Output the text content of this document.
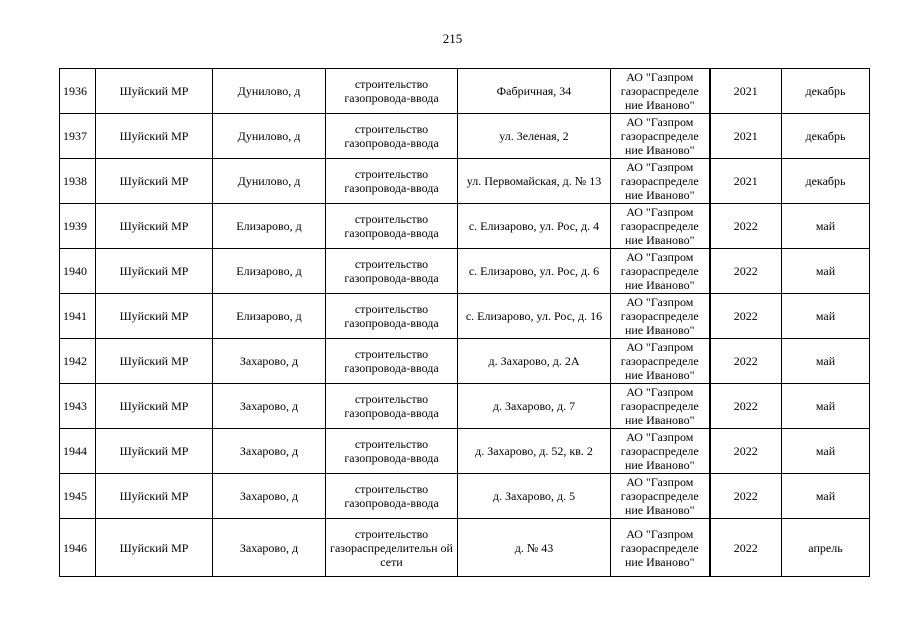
215
1936	Шуйский МР	Дунилово, д	строительство газопровода-ввода	Фабричная, 34	АО "Газпром газораспределе ние Иваново"	2021	декабрь
1937	Шуйский МР	Дунилово, д	строительство газопровода-ввода	ул. Зеленая, 2	АО "Газпром газораспределе ние Иваново"	2021	декабрь
1938	Шуйский МР	Дунилово, д	строительство газопровода-ввода	ул. Первомайская, д. № 13	АО "Газпром газораспределе ние Иваново"	2021	декабрь
1939	Шуйский МР	Елизарово, д	строительство газопровода-ввода	с. Елизарово, ул. Рос, д. 4	АО "Газпром газораспределе ние Иваново"	2022	май
1940	Шуйский МР	Елизарово, д	строительство газопровода-ввода	с. Елизарово, ул. Рос, д. 6	АО "Газпром газораспределе ние Иваново"	2022	май
1941	Шуйский МР	Елизарово, д	строительство газопровода-ввода	с. Елизарово, ул. Рос, д. 16	АО "Газпром газораспределе ние Иваново"	2022	май
1942	Шуйский МР	Захарово, д	строительство газопровода-ввода	д. Захарово, д. 2А	АО "Газпром газораспределе ние Иваново"	2022	май
1943	Шуйский МР	Захарово, д	строительство газопровода-ввода	д. Захарово, д. 7	АО "Газпром газораспределе ние Иваново"	2022	май
1944	Шуйский МР	Захарово, д	строительство газопровода-ввода	д. Захарово, д. 52, кв. 2	АО "Газпром газораспределе ние Иваново"	2022	май
1945	Шуйский МР	Захарово, д	строительство газопровода-ввода	д. Захарово, д. 5	АО "Газпром газораспределе ние Иваново"	2022	май
1946	Шуйский МР	Захарово, д	строительство газораспределительн ой сети	д. № 43	АО "Газпром газораспределе ние Иваново"	2022	апрель
